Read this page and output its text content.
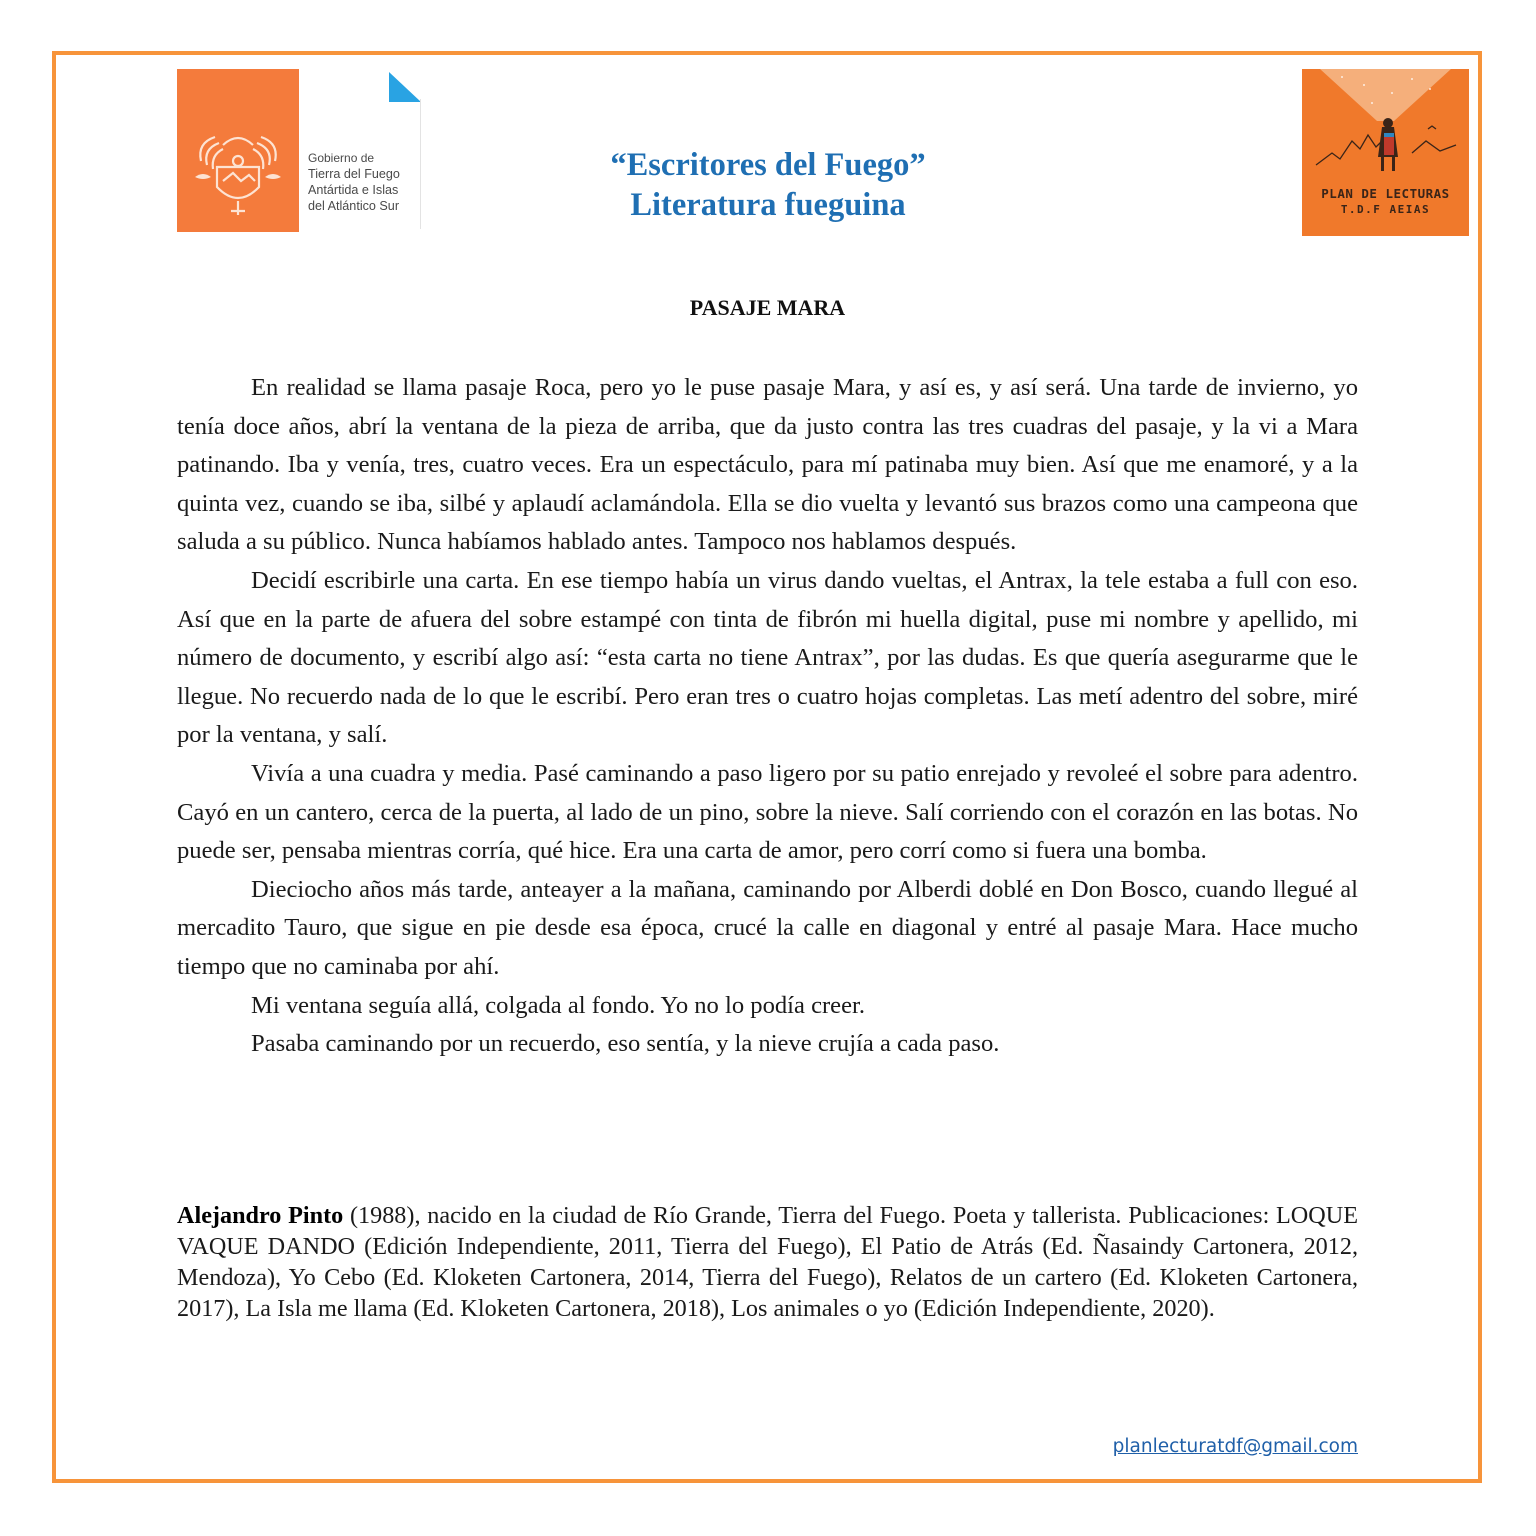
Gobierno de
Tierra del Fuego
Antártida e Islas
del Atlántico Sur
“Escritores del Fuego”
Literatura fueguina	PLAN DE LECTURAS
T.D.F AEIAS
PASAJE MARA

En realidad se llama pasaje Roca, pero yo le puse pasaje Mara, y así es, y así será. Una tarde de invierno, yo tenía doce años, abrí la ventana de la pieza de arriba, que da justo contra las tres cuadras del pasaje, y la vi a Mara patinando. Iba y venía, tres, cuatro veces. Era un espectáculo, para mí patinaba muy bien. Así que me enamoré, y a la quinta vez, cuando se iba, silbé y aplaudí aclamándola. Ella se dio vuelta y levantó sus brazos como una campeona que saluda a su público. Nunca habíamos hablado antes. Tampoco nos hablamos después.

Decidí escribirle una carta. En ese tiempo había un virus dando vueltas, el Antrax, la tele estaba a full con eso. Así que en la parte de afuera del sobre estampé con tinta de fibrón mi huella digital, puse mi nombre y apellido, mi número de documento, y escribí algo así: “esta carta no tiene Antrax”, por las dudas. Es que quería asegurarme que le llegue. No recuerdo nada de lo que le escribí. Pero eran tres o cuatro hojas completas. Las metí adentro del sobre, miré por la ventana, y salí.

Vivía a una cuadra y media. Pasé caminando a paso ligero por su patio enrejado y revoleé el sobre para adentro. Cayó en un cantero, cerca de la puerta, al lado de un pino, sobre la nieve. Salí corriendo con el corazón en las botas. No puede ser, pensaba mientras corría, qué hice. Era una carta de amor, pero corrí como si fuera una bomba.

Dieciocho años más tarde, anteayer a la mañana, caminando por Alberdi doblé en Don Bosco, cuando llegué al mercadito Tauro, que sigue en pie desde esa época, crucé la calle en diagonal y entré al pasaje Mara. Hace mucho tiempo que no caminaba por ahí.

Mi ventana seguía allá, colgada al fondo. Yo no lo podía creer.

Pasaba caminando por un recuerdo, eso sentía, y la nieve crujía a cada paso.

Alejandro Pinto (1988), nacido en la ciudad de Río Grande, Tierra del Fuego. Poeta y tallerista. Publicaciones: LOQUE VAQUE DANDO (Edición Independiente, 2011, Tierra del Fuego), El Patio de Atrás (Ed. Ñasaindy Cartonera, 2012, Mendoza), Yo Cebo (Ed. Kloketen Cartonera, 2014, Tierra del Fuego), Relatos de un cartero (Ed. Kloketen Cartonera, 2017), La Isla me llama (Ed. Kloketen Cartonera, 2018), Los animales o yo (Edición Independiente, 2020).
planlecturatdf@gmail.com
